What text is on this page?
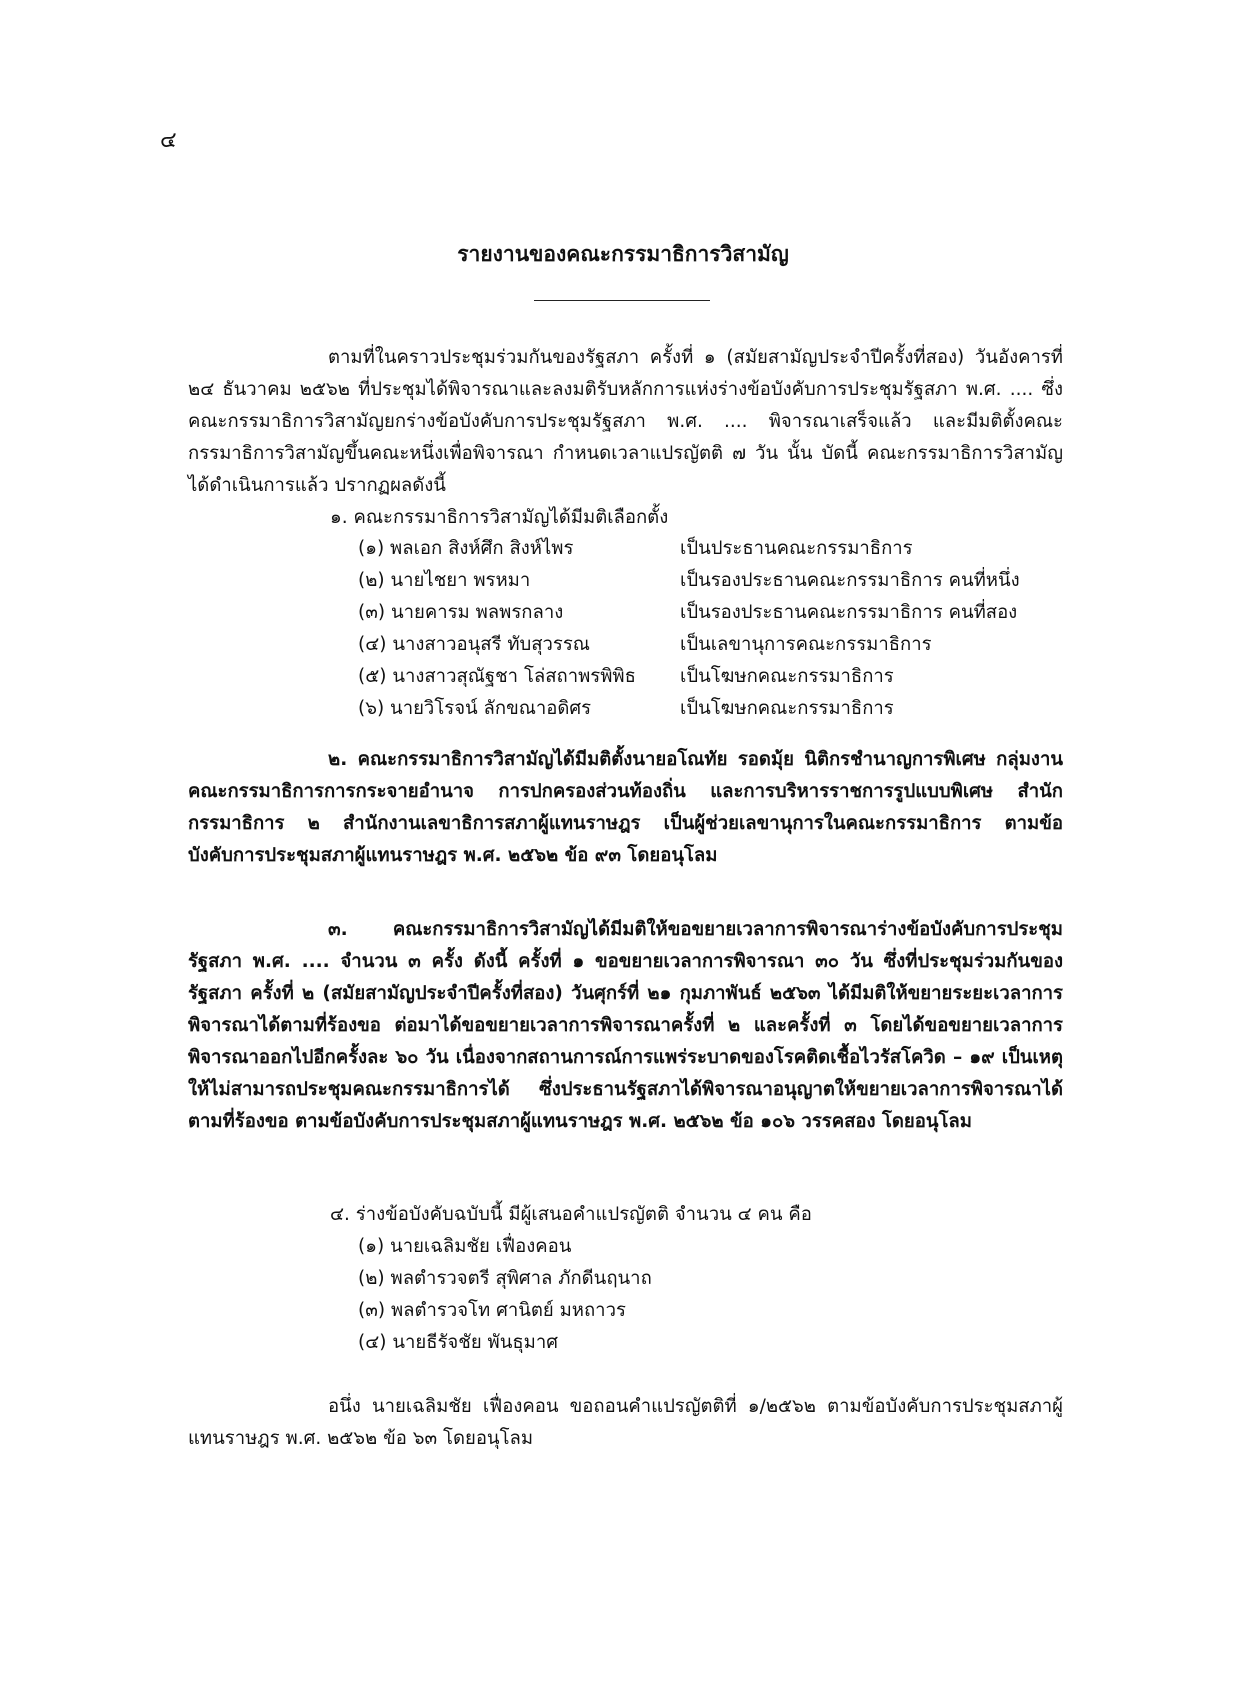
๔
รายงานของคณะกรรมาธิการวิสามัญ

ตามที่ในคราวประชุมร่วมกันของรัฐสภา ครั้งที่ ๑ (สมัยสามัญประจำปีครั้งที่สอง) วันอังคารที่ ๒๔ ธันวาคม ๒๕๖๒ ที่ประชุมได้พิจารณาและลงมติรับหลักการแห่งร่างข้อบังคับการประชุมรัฐสภา พ.ศ. .... ซึ่งคณะกรรมาธิการวิสามัญยกร่างข้อบังคับการประชุมรัฐสภา พ.ศ. .... พิจารณาเสร็จแล้ว และมีมติตั้งคณะกรรมาธิการวิสามัญขึ้นคณะหนึ่งเพื่อพิจารณา กำหนดเวลาแปรญัตติ ๗ วัน นั้น บัดนี้ คณะกรรมาธิการวิสามัญได้ดำเนินการแล้ว ปรากฏผลดังนี้

๑. คณะกรรมาธิการวิสามัญได้มีมติเลือกตั้ง
(๑) พลเอก สิงห์ศึก สิงห์ไพร	เป็นประธานคณะกรรมาธิการ
(๒) นายไชยา พรหมา	เป็นรองประธานคณะกรรมาธิการ คนที่หนึ่ง
(๓) นายคารม พลพรกลาง	เป็นรองประธานคณะกรรมาธิการ คนที่สอง
(๔) นางสาวอนุสรี ทับสุวรรณ	เป็นเลขานุการคณะกรรมาธิการ
(๕) นางสาวสุณัฐชา โล่สถาพรพิพิธ	เป็นโฆษกคณะกรรมาธิการ
(๖) นายวิโรจน์ ลักขณาอดิศร	เป็นโฆษกคณะกรรมาธิการ

๒. คณะกรรมาธิการวิสามัญได้มีมติตั้งนายอโณทัย รอดมุ้ย นิติกรชำนาญการพิเศษ กลุ่มงานคณะกรรมาธิการการกระจายอำนาจ การปกครองส่วนท้องถิ่น และการบริหารราชการรูปแบบพิเศษ สำนักกรรมาธิการ ๒ สำนักงานเลขาธิการสภาผู้แทนราษฎร เป็นผู้ช่วยเลขานุการในคณะกรรมาธิการ ตามข้อบังคับการประชุมสภาผู้แทนราษฎร พ.ศ. ๒๕๖๒ ข้อ ๙๓ โดยอนุโลม

๓. คณะกรรมาธิการวิสามัญได้มีมติให้ขอขยายเวลาการพิจารณาร่างข้อบังคับการประชุมรัฐสภา พ.ศ. .... จำนวน ๓ ครั้ง ดังนี้ ครั้งที่ ๑ ขอขยายเวลาการพิจารณา ๓๐ วัน ซึ่งที่ประชุมร่วมกันของรัฐสภา ครั้งที่ ๒ (สมัยสามัญประจำปีครั้งที่สอง) วันศุกร์ที่ ๒๑ กุมภาพันธ์ ๒๕๖๓ ได้มีมติให้ขยายระยะเวลาการพิจารณาได้ตามที่ร้องขอ ต่อมาได้ขอขยายเวลาการพิจารณาครั้งที่ ๒ และครั้งที่ ๓ โดยได้ขอขยายเวลาการพิจารณาออกไปอีกครั้งละ ๖๐ วัน เนื่องจากสถานการณ์การแพร่ระบาดของโรคติดเชื้อไวรัสโควิด – ๑๙ เป็นเหตุให้ไม่สามารถประชุมคณะกรรมาธิการได้ ซึ่งประธานรัฐสภาได้พิจารณาอนุญาตให้ขยายเวลาการพิจารณาได้ตามที่ร้องขอ ตามข้อบังคับการประชุมสภาผู้แทนราษฎร พ.ศ. ๒๕๖๒ ข้อ ๑๐๖ วรรคสอง โดยอนุโลม

๔. ร่างข้อบังคับฉบับนี้ มีผู้เสนอคำแปรญัตติ จำนวน ๔ คน คือ
(๑) นายเฉลิมชัย เฟื่องคอน
(๒) พลตำรวจตรี สุพิศาล ภักดีนฤนาถ
(๓) พลตำรวจโท ศานิตย์ มหถาวร
(๔) นายธีรัจชัย พันธุมาศ

อนึ่ง นายเฉลิมชัย เฟื่องคอน ขอถอนคำแปรญัตติที่ ๑/๒๕๖๒ ตามข้อบังคับการประชุมสภาผู้แทนราษฎร พ.ศ. ๒๕๖๒ ข้อ ๖๓ โดยอนุโลม
